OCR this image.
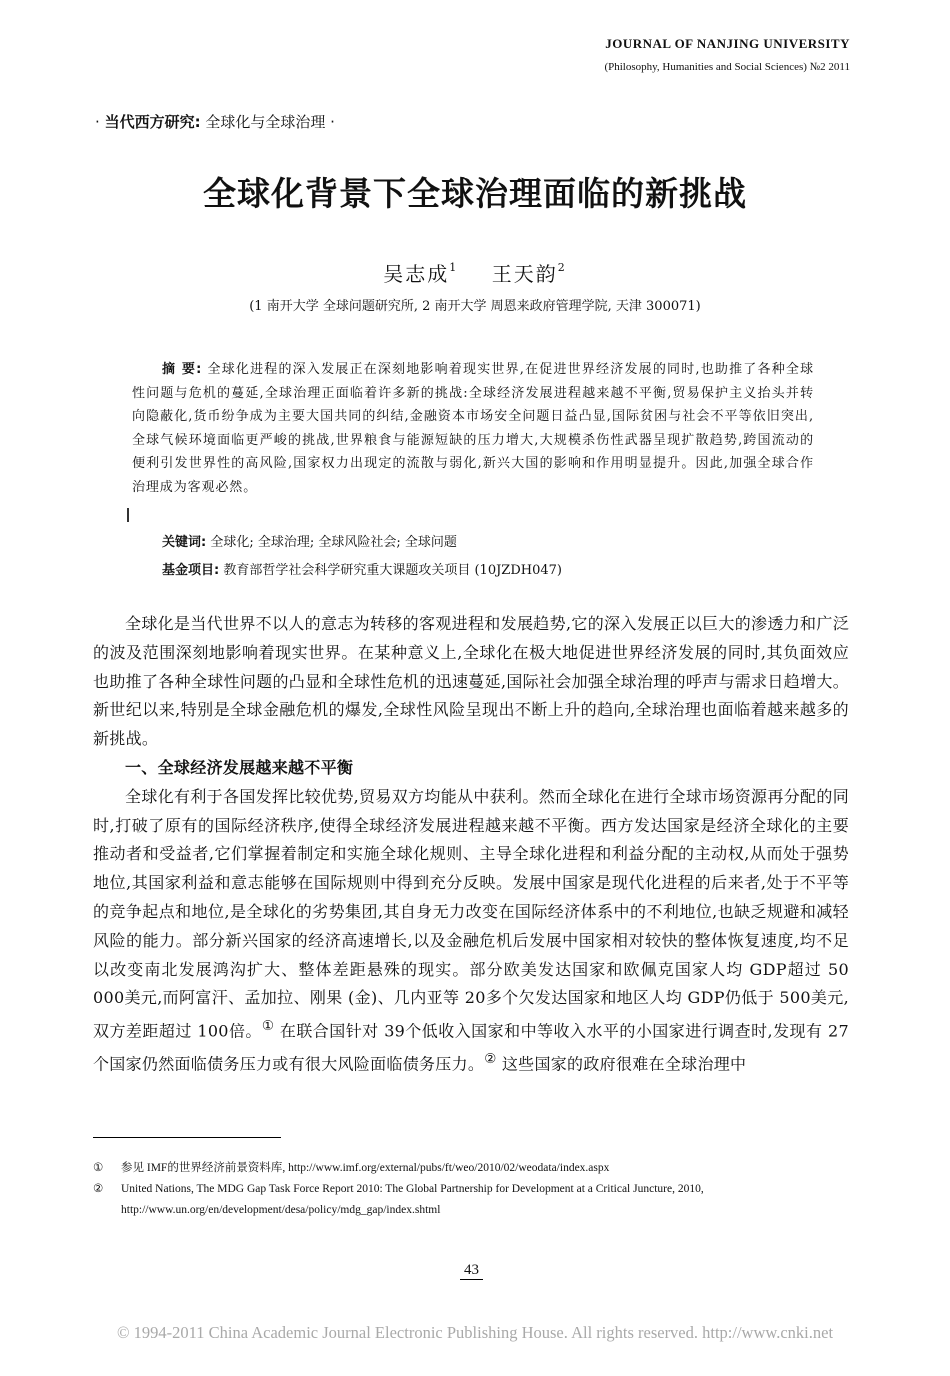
JOURNAL OF NANJING UNIVERSITY
(Philosophy, Humanities and Social Sciences) №2 2011
· 当代西方研究: 全球化与全球治理 ·
全球化背景下全球治理面临的新挑战
吴志成$^1$ 王天韵$^2$
(1 南开大学 全球问题研究所, 2 南开大学 周恩来政府管理学院, 天津 300071)
摘 要: 全球化进程的深入发展正在深刻地影响着现实世界,在促进世界经济发展的同时,也助推了各种全球性问题与危机的蔓延,全球治理正面临着许多新的挑战:全球经济发展进程越来越不平衡,贸易保护主义抬头并转向隐蔽化,货币纷争成为主要大国共同的纠结,金融资本市场安全问题日益凸显,国际贫困与社会不平等依旧突出,全球气候环境面临更严峻的挑战,世界粮食与能源短缺的压力增大,大规模杀伤性武器呈现扩散趋势,跨国流动的便利引发世界性的高风险,国家权力出现定的流散与弱化,新兴大国的影响和作用明显提升。因此,加强全球合作治理成为客观必然。
关键词: 全球化; 全球治理; 全球风险社会; 全球问题
基金项目: 教育部哲学社会科学研究重大课题攻关项目 (10JZDH047)

全球化是当代世界不以人的意志为转移的客观进程和发展趋势,它的深入发展正以巨大的渗透力和广泛的波及范围深刻地影响着现实世界。在某种意义上,全球化在极大地促进世界经济发展的同时,其负面效应也助推了各种全球性问题的凸显和全球性危机的迅速蔓延,国际社会加强全球治理的呼声与需求日趋增大。新世纪以来,特别是全球金融危机的爆发,全球性风险呈现出不断上升的趋向,全球治理也面临着越来越多的新挑战。

一、全球经济发展越来越不平衡

全球化有利于各国发挥比较优势,贸易双方均能从中获利。然而全球化在进行全球市场资源再分配的同时,打破了原有的国际经济秩序,使得全球经济发展进程越来越不平衡。西方发达国家是经济全球化的主要推动者和受益者,它们掌握着制定和实施全球化规则、主导全球化进程和利益分配的主动权,从而处于强势地位,其国家利益和意志能够在国际规则中得到充分反映。发展中国家是现代化进程的后来者,处于不平等的竞争起点和地位,是全球化的劣势集团,其自身无力改变在国际经济体系中的不利地位,也缺乏规避和减轻风险的能力。部分新兴国家的经济高速增长,以及金融危机后发展中国家相对较快的整体恢复速度,均不足以改变南北发展鸿沟扩大、整体差距悬殊的现实。部分欧美发达国家和欧佩克国家人均 GDP超过 50 000美元,而阿富汗、孟加拉、刚果 (金)、几内亚等 20多个欠发达国家和地区人均 GDP仍低于 500美元,双方差距超过 100倍。① 在联合国针对 39个低收入国家和中等收入水平的小国家进行调查时,发现有 27个国家仍然面临债务压力或有很大风险面临债务压力。② 这些国家的政府很难在全球治理中

① 参见 IMF的世界经济前景资料库, http://www.imf.org/external/pubs/ft/weo/2010/02/weodata/index.aspx
② United Nations, The MDG Gap Task Force Report 2010: The Global Partnership for Development at a Critical Juncture, 2010, http://www.un.org/en/development/desa/policy/mdg_gap/index.shtml
43
© 1994-2011 China Academic Journal Electronic Publishing House. All rights reserved. http://www.cnki.net
